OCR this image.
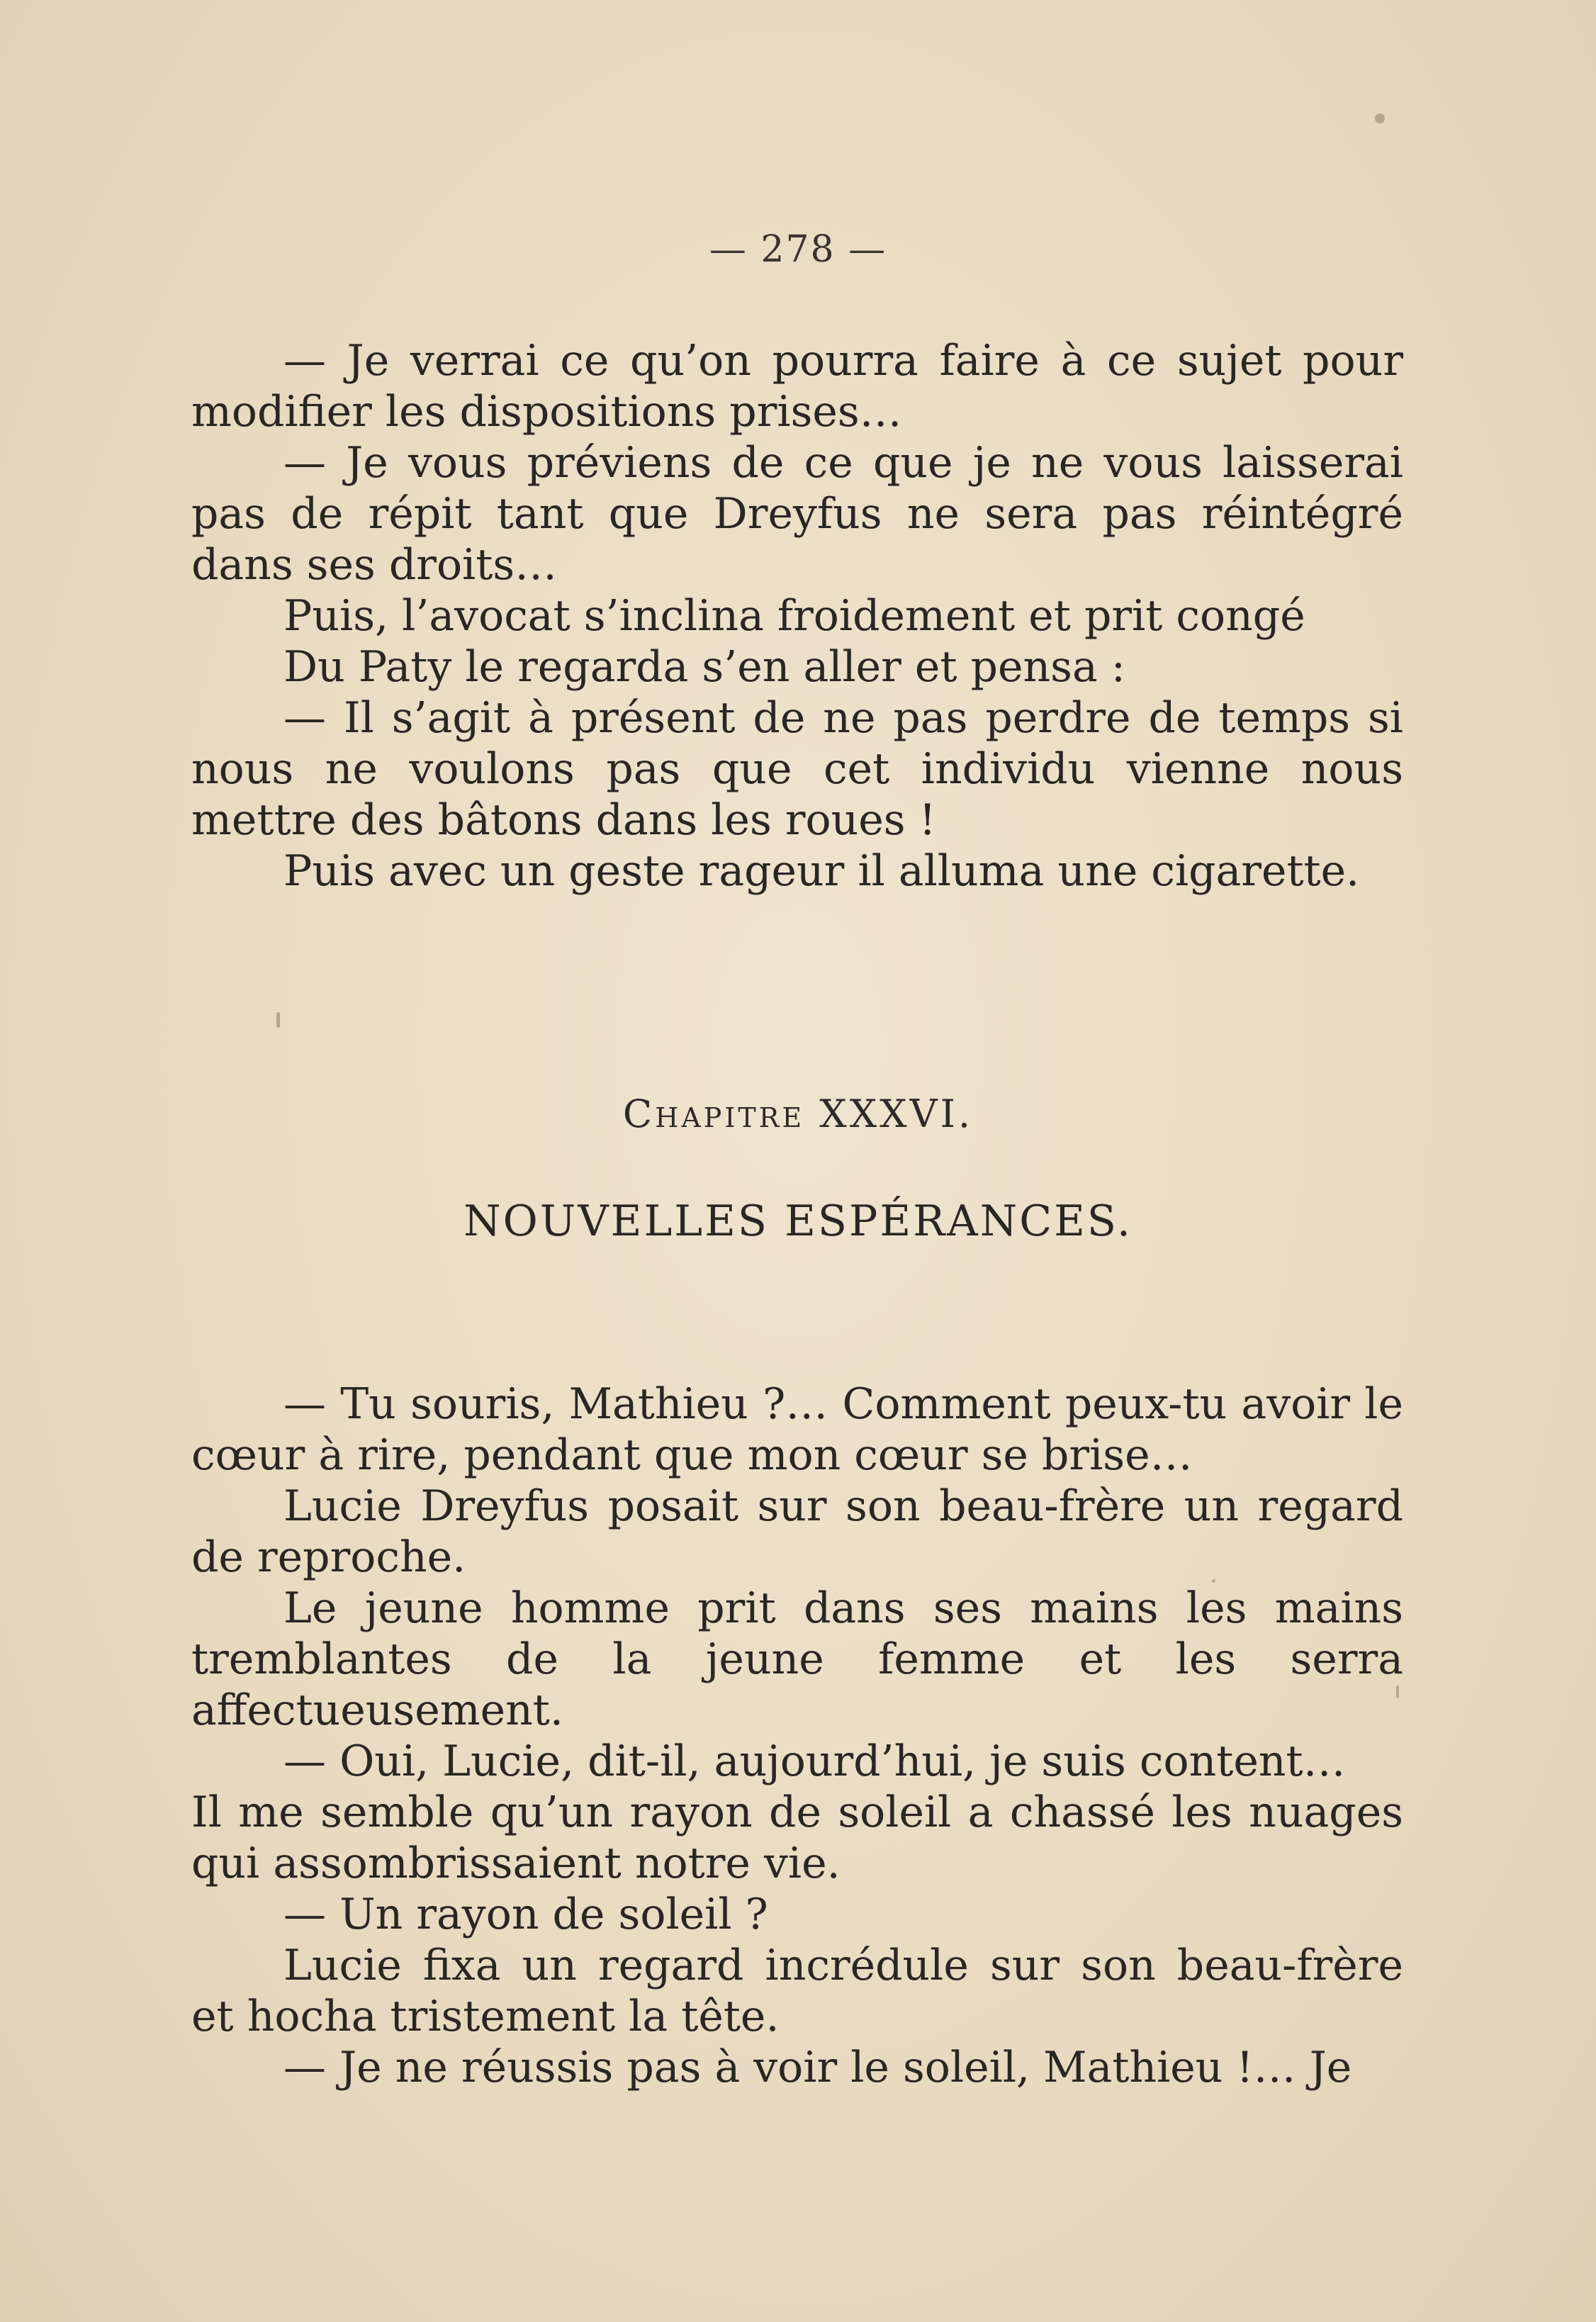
— 278 —

— Je verrai ce qu’on pourra faire à ce sujet pour modifier les dispositions prises…

— Je vous préviens de ce que je ne vous laisserai pas de répit tant que Dreyfus ne sera pas réintégré dans ses droits…

Puis, l’avocat s’inclina froidement et prit congé

Du Paty le regarda s’en aller et pensa :

— Il s’agit à présent de ne pas perdre de temps si nous ne voulons pas que cet individu vienne nous mettre des bâtons dans les roues !

Puis avec un geste rageur il alluma une cigarette.

Chapitre XXXVI.
NOUVELLES ESPÉRANCES.

— Tu souris, Mathieu ?… Comment peux-tu avoir le cœur à rire, pendant que mon cœur se brise…

Lucie Dreyfus posait sur son beau-frère un regard de reproche.

Le jeune homme prit dans ses mains les mains tremblantes de la jeune femme et les serra affectueusement.

— Oui, Lucie, dit-il, aujourd’hui, je suis content…

Il me semble qu’un rayon de soleil a chassé les nuages qui assombrissaient notre vie.

— Un rayon de soleil ?

Lucie fixa un regard incrédule sur son beau-frère et hocha tristement la tête.

— Je ne réussis pas à voir le soleil, Mathieu !… Je
